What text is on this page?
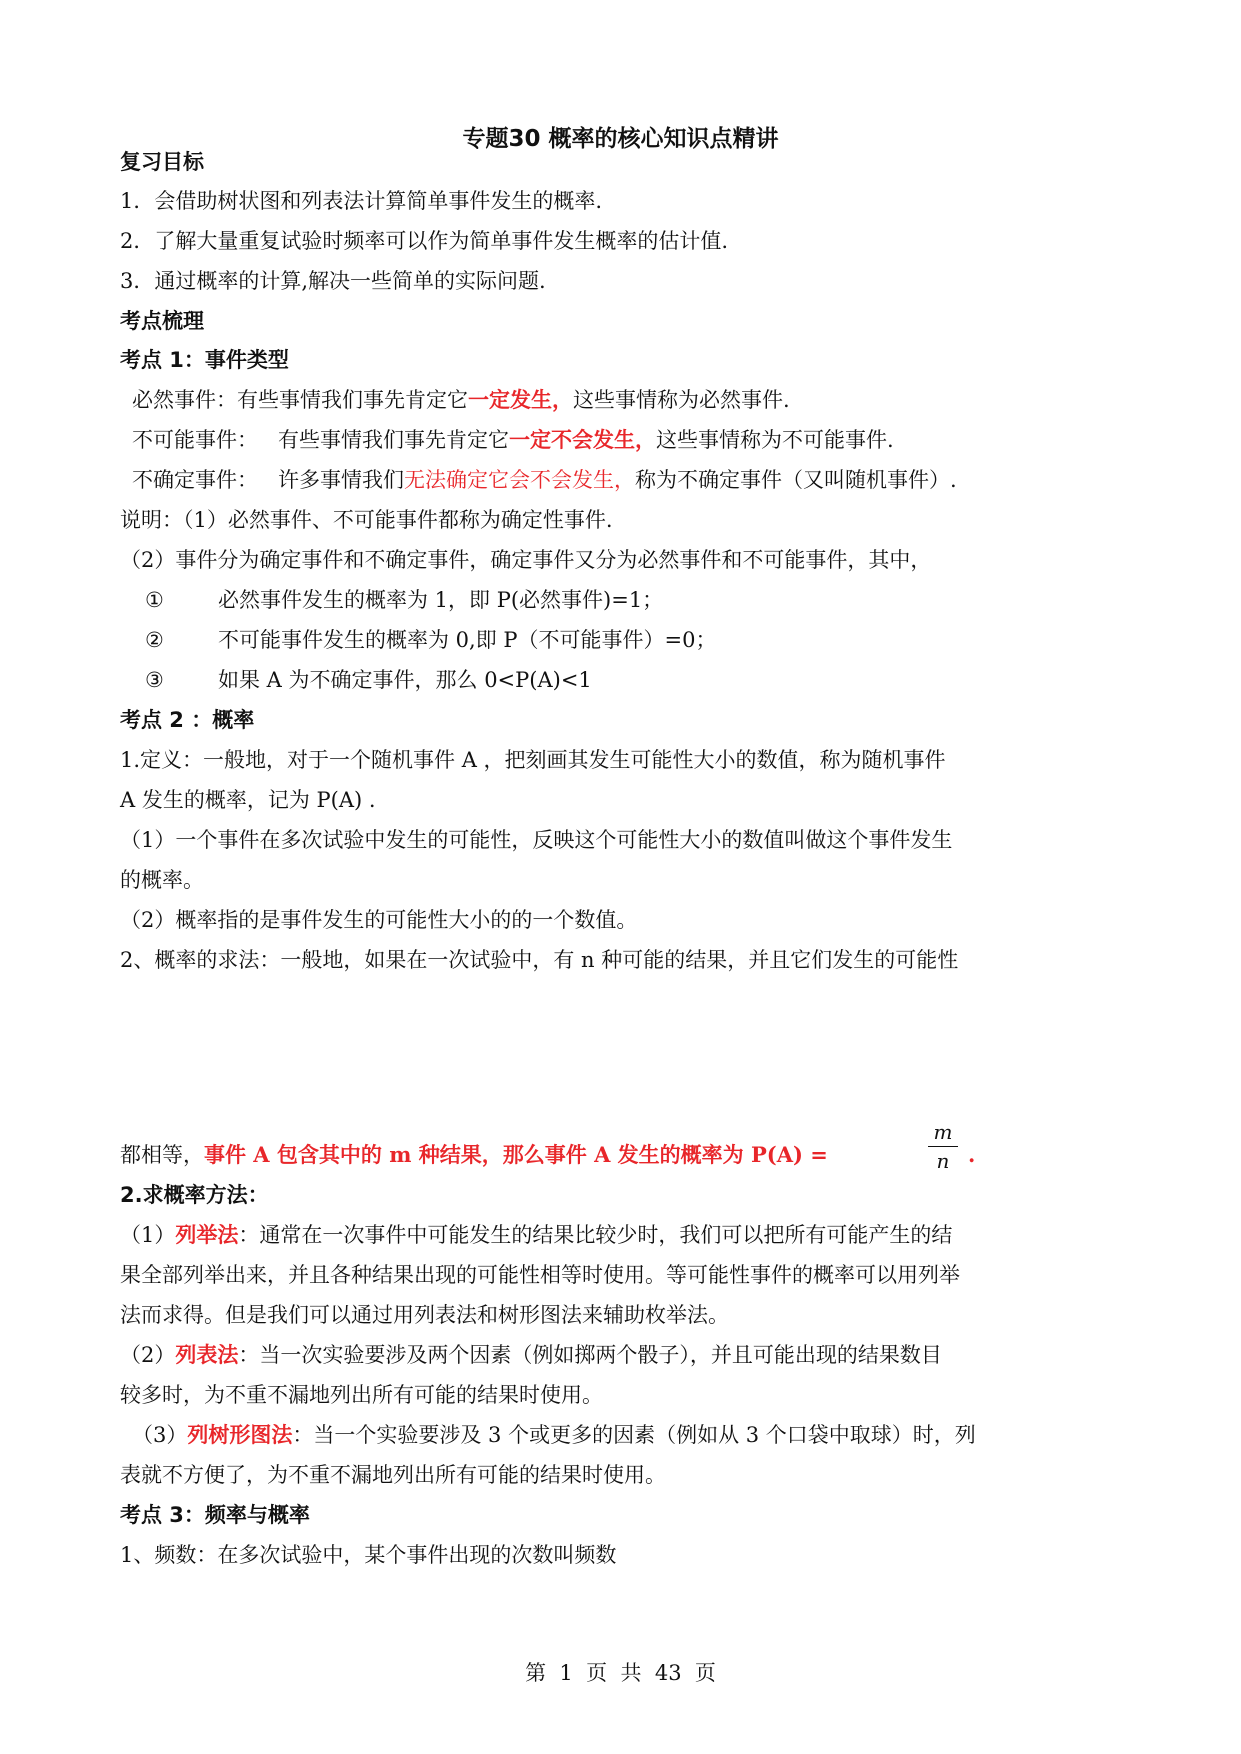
专题30 概率的核心知识点精讲
复习目标
1．会借助树状图和列表法计算简单事件发生的概率.
2．了解大量重复试验时频率可以作为简单事件发生概率的估计值.
3．通过概率的计算,解决一些简单的实际问题.
考点梳理
考点 1：事件类型
必然事件：有些事情我们事先肯定它一定发生，这些事情称为必然事件.
不可能事件：   有些事情我们事先肯定它一定不会发生，这些事情称为不可能事件.
不确定事件：   许多事情我们无法确定它会不会发生，称为不确定事件（又叫随机事件）.
说明：（1）必然事件、不可能事件都称为确定性事件.
（2）事件分为确定事件和不确定事件，确定事件又分为必然事件和不可能事件，其中，
①	必然事件发生的概率为 1，即 P(必然事件)=1；
②	不可能事件发生的概率为 0,即 P（不可能事件）=0；
③	如果 A 为不确定事件，那么 0<P(A)<1
考点 2 ：概率
1.定义：一般地，对于一个随机事件 A ，把刻画其发生可能性大小的数值，称为随机事件
A 发生的概率，记为 P(A) .
（1）一个事件在多次试验中发生的可能性，反映这个可能性大小的数值叫做这个事件发生
的概率。
（2）概率指的是事件发生的可能性大小的的一个数值。
2、概率的求法：一般地，如果在一次试验中，有 n 种可能的结果，并且它们发生的可能性
都相等，事件 A 包含其中的 m 种结果，那么事件 A 发生的概率为 P(A) =	$\frac{m}{n}$ .
2.求概率方法：
（1）列举法：通常在一次事件中可能发生的结果比较少时，我们可以把所有可能产生的结
果全部列举出来，并且各种结果出现的可能性相等时使用。等可能性事件的概率可以用列举
法而求得。但是我们可以通过用列表法和树形图法来辅助枚举法。
（2）列表法：当一次实验要涉及两个因素（例如掷两个骰子），并且可能出现的结果数目
较多时，为不重不漏地列出所有可能的结果时使用。
（3）列树形图法：当一个实验要涉及 3 个或更多的因素（例如从 3 个口袋中取球）时，列
表就不方便了，为不重不漏地列出所有可能的结果时使用。
考点 3：频率与概率
1、频数：在多次试验中，某个事件出现的次数叫频数
第  1  页  共  43  页
